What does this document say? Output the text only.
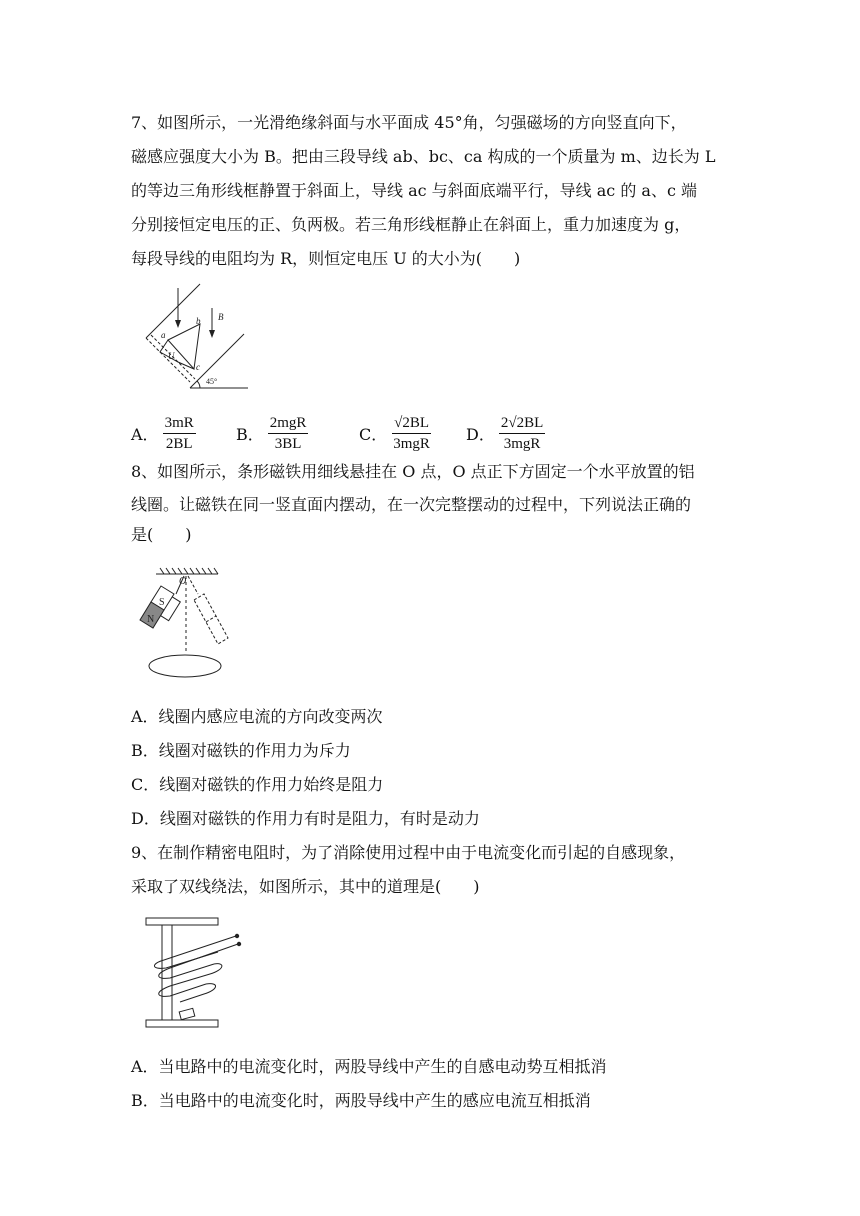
7、如图所示，一光滑绝缘斜面与水平面成 45°角，匀强磁场的方向竖直向下，
磁感应强度大小为 B。把由三段导线 ab、bc、ca 构成的一个质量为 m、边长为 L
的等边三角形线框静置于斜面上，导线 ac 与斜面底端平行，导线 ac 的 a、c 端
分别接恒定电压的正、负两极。若三角形线框静止在斜面上，重力加速度为 g，
每段导线的电阻均为 R，则恒定电压 U 的大小为(　　)
a
b
c
U
B
45°
A． $\frac{3mR}{2BL}$	B． $\frac{\text{2mgR}}{3BL}$	C． $\frac{√2BL}{\text{3mgR}}$ D． $\frac{2√2BL}{\text{3mgR}}$
8、如图所示，条形磁铁用细线悬挂在 O 点，O 点正下方固定一个水平放置的铝
线圈。让磁铁在同一竖直面内摆动，在一次完整摆动的过程中，下列说法正确的
是(　　)
O
S
N
A．线圈内感应电流的方向改变两次
B．线圈对磁铁的作用力为斥力
C．线圈对磁铁的作用力始终是阻力
D．线圈对磁铁的作用力有时是阻力，有时是动力
9、在制作精密电阻时，为了消除使用过程中由于电流变化而引起的自感现象，
采取了双线绕法，如图所示，其中的道理是(　　)
A．当电路中的电流变化时，两股导线中产生的自感电动势互相抵消
B．当电路中的电流变化时，两股导线中产生的感应电流互相抵消
